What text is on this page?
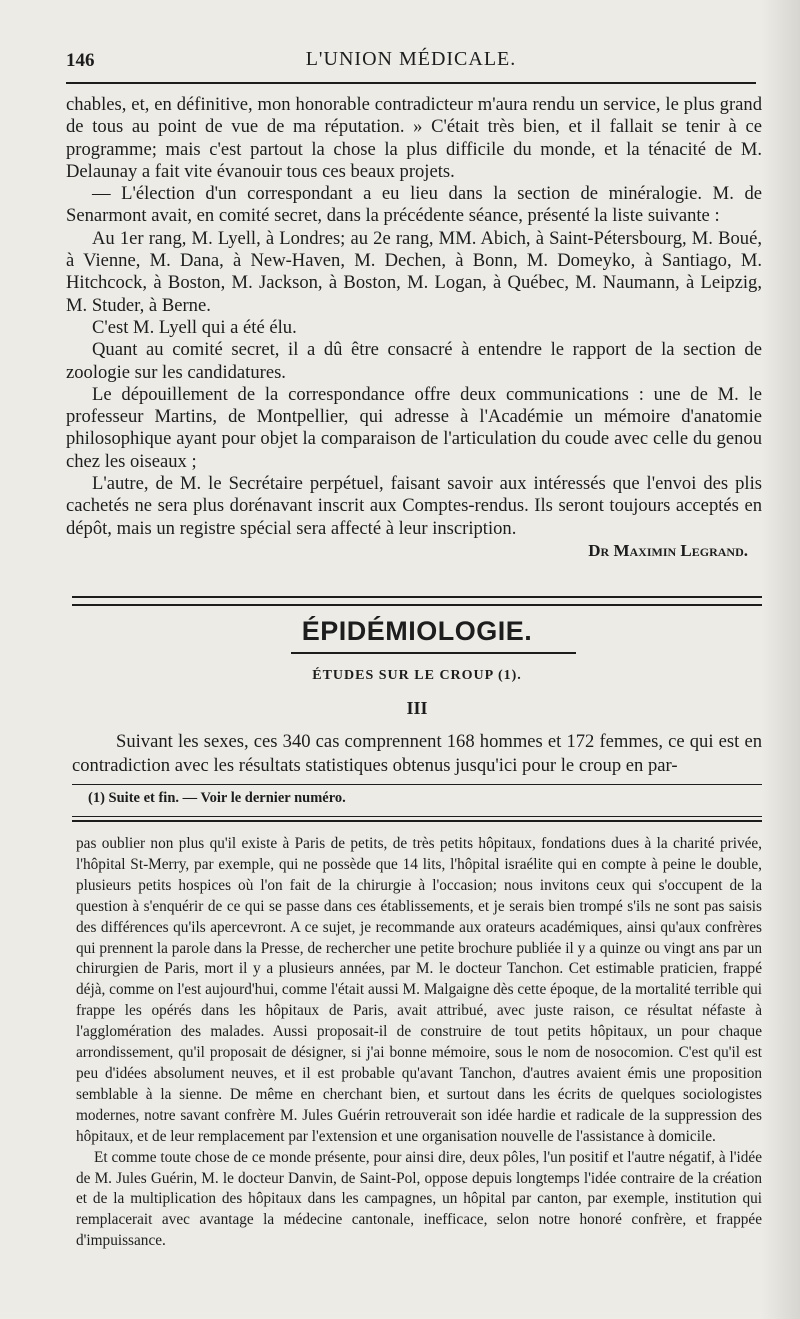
146	L'UNION MÉDICALE.

chables, et, en définitive, mon honorable contradicteur m'aura rendu un service, le plus grand de tous au point de vue de ma réputation. » C'était très bien, et il fallait se tenir à ce programme; mais c'est partout la chose la plus difficile du monde, et la ténacité de M. Delaunay a fait vite évanouir tous ces beaux projets.

— L'élection d'un correspondant a eu lieu dans la section de minéralogie. M. de Senarmont avait, en comité secret, dans la précédente séance, présenté la liste suivante :

Au 1er rang, M. Lyell, à Londres; au 2e rang, MM. Abich, à Saint-Pétersbourg, M. Boué, à Vienne, M. Dana, à New-Haven, M. Dechen, à Bonn, M. Domeyko, à Santiago, M. Hitchcock, à Boston, M. Jackson, à Boston, M. Logan, à Québec, M. Naumann, à Leipzig, M. Studer, à Berne.

C'est M. Lyell qui a été élu.

Quant au comité secret, il a dû être consacré à entendre le rapport de la section de zoologie sur les candidatures.

Le dépouillement de la correspondance offre deux communications : une de M. le professeur Martins, de Montpellier, qui adresse à l'Académie un mémoire d'anatomie philosophique ayant pour objet la comparaison de l'articulation du coude avec celle du genou chez les oiseaux ;

L'autre, de M. le Secrétaire perpétuel, faisant savoir aux intéressés que l'envoi des plis cachetés ne sera plus dorénavant inscrit aux Comptes-rendus. Ils seront toujours acceptés en dépôt, mais un registre spécial sera affecté à leur inscription.

Dr Maximin Legrand.
ÉPIDÉMIOLOGIE.
ÉTUDES SUR LE CROUP (1).
III

Suivant les sexes, ces 340 cas comprennent 168 hommes et 172 femmes, ce qui est en contradiction avec les résultats statistiques obtenus jusqu'ici pour le croup en par-

(1) Suite et fin. — Voir le dernier numéro.

pas oublier non plus qu'il existe à Paris de petits, de très petits hôpitaux, fondations dues à la charité privée, l'hôpital St-Merry, par exemple, qui ne possède que 14 lits, l'hôpital israélite qui en compte à peine le double, plusieurs petits hospices où l'on fait de la chirurgie à l'occasion; nous invitons ceux qui s'occupent de la question à s'enquérir de ce qui se passe dans ces établissements, et je serais bien trompé s'ils ne sont pas saisis des différences qu'ils apercevront. A ce sujet, je recommande aux orateurs académiques, ainsi qu'aux confrères qui prennent la parole dans la Presse, de rechercher une petite brochure publiée il y a quinze ou vingt ans par un chirurgien de Paris, mort il y a plusieurs années, par M. le docteur Tanchon. Cet estimable praticien, frappé déjà, comme on l'est aujourd'hui, comme l'était aussi M. Malgaigne dès cette époque, de la mortalité terrible qui frappe les opérés dans les hôpitaux de Paris, avait attribué, avec juste raison, ce résultat néfaste à l'agglomération des malades. Aussi proposait-il de construire de tout petits hôpitaux, un pour chaque arrondissement, qu'il proposait de désigner, si j'ai bonne mémoire, sous le nom de nosocomion. C'est qu'il est peu d'idées absolument neuves, et il est probable qu'avant Tanchon, d'autres avaient émis une proposition semblable à la sienne. De même en cherchant bien, et surtout dans les écrits de quelques sociologistes modernes, notre savant confrère M. Jules Guérin retrouverait son idée hardie et radicale de la suppression des hôpitaux, et de leur remplacement par l'extension et une organisation nouvelle de l'assistance à domicile.

Et comme toute chose de ce monde présente, pour ainsi dire, deux pôles, l'un positif et l'autre négatif, à l'idée de M. Jules Guérin, M. le docteur Danvin, de Saint-Pol, oppose depuis longtemps l'idée contraire de la création et de la multiplication des hôpitaux dans les campagnes, un hôpital par canton, par exemple, institution qui remplacerait avec avantage la médecine cantonale, inefficace, selon notre honoré confrère, et frappée d'impuissance.
